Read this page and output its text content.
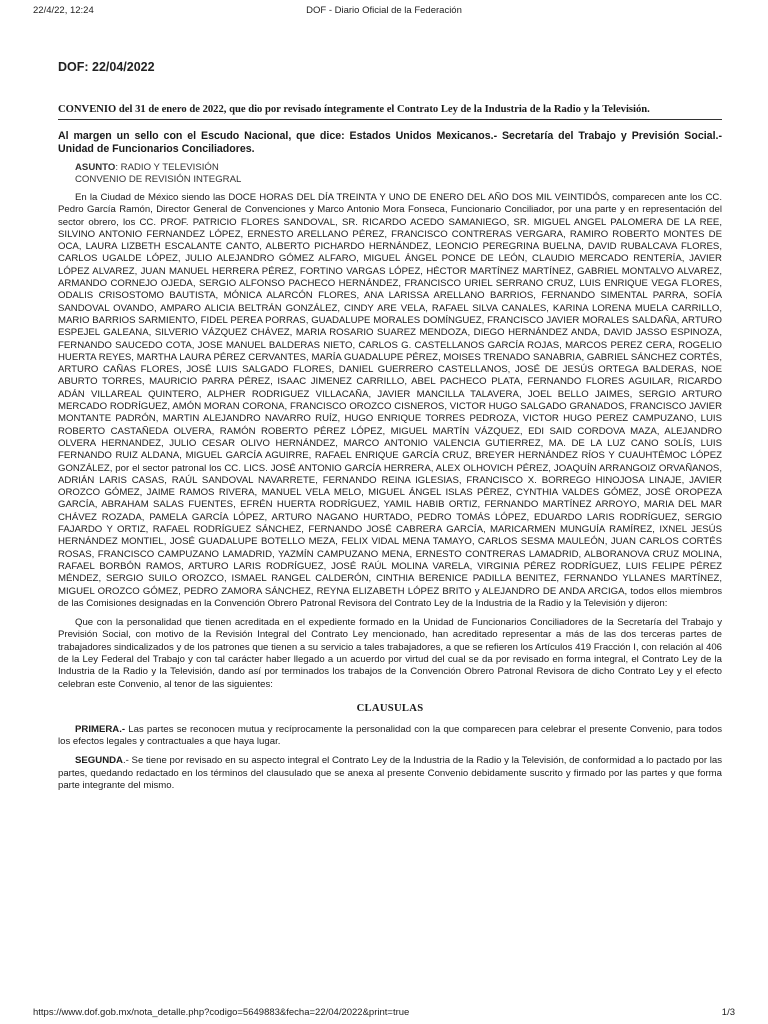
22/4/22, 12:24	DOF - Diario Oficial de la Federación
DOF: 22/04/2022
CONVENIO del 31 de enero de 2022, que dio por revisado íntegramente el Contrato Ley de la Industria de la Radio y la Televisión.
Al margen un sello con el Escudo Nacional, que dice: Estados Unidos Mexicanos.- Secretaría del Trabajo y Previsión Social.- Unidad de Funcionarios Conciliadores.
ASUNTO: RADIO Y TELEVISIÓN
CONVENIO DE REVISIÓN INTEGRAL

En la Ciudad de México siendo las DOCE HORAS DEL DÍA TREINTA Y UNO DE ENERO DEL AÑO DOS MIL VEINTIDÓS, comparecen ante los CC. Pedro García Ramón, Director General de Convenciones y Marco Antonio Mora Fonseca, Funcionario Conciliador, por una parte y en representación del sector obrero, los CC. PROF. PATRICIO FLORES SANDOVAL, SR. RICARDO ACEDO SAMANIEGO, SR. MIGUEL ANGEL PALOMERA DE LA REE, SILVINO ANTONIO FERNANDEZ LÓPEZ, ERNESTO ARELLANO PÉREZ, FRANCISCO CONTRERAS VERGARA, RAMIRO ROBERTO MONTES DE OCA, LAURA LIZBETH ESCALANTE CANTO, ALBERTO PICHARDO HERNÁNDEZ, LEONCIO PEREGRINA BUELNA, DAVID RUBALCAVA FLORES, CARLOS UGALDE LÓPEZ, JULIO ALEJANDRO GÓMEZ ALFARO, MIGUEL ÁNGEL PONCE DE LEÓN, CLAUDIO MERCADO RENTERÍA, JAVIER LÓPEZ ALVAREZ, JUAN MANUEL HERRERA PÉREZ, FORTINO VARGAS LÓPEZ, HÉCTOR MARTÍNEZ MARTÍNEZ, GABRIEL MONTALVO ALVAREZ, ARMANDO CORNEJO OJEDA, SERGIO ALFONSO PACHECO HERNÁNDEZ, FRANCISCO URIEL SERRANO CRUZ, LUIS ENRIQUE VEGA FLORES, ODALIS CRISOSTOMO BAUTISTA, MÓNICA ALARCÓN FLORES, ANA LARISSA ARELLANO BARRIOS, FERNANDO SIMENTAL PARRA, SOFÍA SANDOVAL OVANDO, AMPARO ALICIA BELTRÁN GONZÁLEZ, CINDY ARE VELA, RAFAEL SILVA CANALES, KARINA LORENA MUELA CARRILLO, MARIO BARRIOS SARMIENTO, FIDEL PEREA PORRAS, GUADALUPE MORALES DOMÍNGUEZ, FRANCISCO JAVIER MORALES SALDAÑA, ARTURO ESPEJEL GALEANA, SILVERIO VÁZQUEZ CHÁVEZ, MARIA ROSARIO SUAREZ MENDOZA, DIEGO HERNÁNDEZ ANDA, DAVID JASSO ESPINOZA, FERNANDO SAUCEDO COTA, JOSE MANUEL BALDERAS NIETO, CARLOS G. CASTELLANOS GARCÍA ROJAS, MARCOS PEREZ CERA, ROGELIO HUERTA REYES, MARTHA LAURA PÉREZ CERVANTES, MARÍA GUADALUPE PÉREZ, MOISES TRENADO SANABRIA, GABRIEL SÁNCHEZ CORTÉS, ARTURO CAÑAS FLORES, JOSÉ LUIS SALGADO FLORES, DANIEL GUERRERO CASTELLANOS, JOSÉ DE JESÚS ORTEGA BALDERAS, NOE ABURTO TORRES, MAURICIO PARRA PÉREZ, ISAAC JIMENEZ CARRILLO, ABEL PACHECO PLATA, FERNANDO FLORES AGUILAR, RICARDO ADÁN VILLAREAL QUINTERO, ALPHER RODRIGUEZ VILLACAÑA, JAVIER MANCILLA TALAVERA, JOEL BELLO JAIMES, SERGIO ARTURO MERCADO RODRÍGUEZ, AMÓN MORAN CORONA, FRANCISCO OROZCO CISNEROS, VICTOR HUGO SALGADO GRANADOS, FRANCISCO JAVIER MONTANTE PADRÓN, MARTIN ALEJANDRO NAVARRO RUÍZ, HUGO ENRIQUE TORRES PEDROZA, VICTOR HUGO PEREZ CAMPUZANO, LUIS ROBERTO CASTAÑEDA OLVERA, RAMÓN ROBERTO PÉREZ LÓPEZ, MIGUEL MARTÍN VÁZQUEZ, EDI SAID CORDOVA MAZA, ALEJANDRO OLVERA HERNANDEZ, JULIO CESAR OLIVO HERNÁNDEZ, MARCO ANTONIO VALENCIA GUTIERREZ, MA. DE LA LUZ CANO SOLÍS, LUIS FERNANDO RUIZ ALDANA, MIGUEL GARCÍA AGUIRRE, RAFAEL ENRIQUE GARCÍA CRUZ, BREYER HERNÁNDEZ RÍOS Y CUAUHTÉMOC LÓPEZ GONZÁLEZ, por el sector patronal los CC. LICS. JOSÉ ANTONIO GARCÍA HERRERA, ALEX OLHOVICH PÉREZ, JOAQUÍN ARRANGOIZ ORVAÑANOS, ADRIÁN LARIS CASAS, RAÚL SANDOVAL NAVARRETE, FERNANDO REINA IGLESIAS, FRANCISCO X. BORREGO HINOJOSA LINAJE, JAVIER OROZCO GÓMEZ, JAIME RAMOS RIVERA, MANUEL VELA MELO, MIGUEL ÁNGEL ISLAS PÉREZ, CYNTHIA VALDES GÓMEZ, JOSÉ OROPEZA GARCÍA, ABRAHAM SALAS FUENTES, EFRÉN HUERTA RODRÍGUEZ, YAMIL HABIB ORTIZ, FERNANDO MARTÍNEZ ARROYO, MARIA DEL MAR CHÁVEZ ROZADA, PAMELA GARCÍA LÓPEZ, ARTURO NAGANO HURTADO, PEDRO TOMÁS LÓPEZ, EDUARDO LARIS RODRÍGUEZ, SERGIO FAJARDO Y ORTIZ, RAFAEL RODRÍGUEZ SÁNCHEZ, FERNANDO JOSÉ CABRERA GARCÍA, MARICARMEN MUNGUÍA RAMÍREZ, IXNEL JESÚS HERNÁNDEZ MONTIEL, JOSÉ GUADALUPE BOTELLO MEZA, FELIX VIDAL MENA TAMAYO, CARLOS SESMA MAULEÓN, JUAN CARLOS CORTÉS ROSAS, FRANCISCO CAMPUZANO LAMADRID, YAZMÍN CAMPUZANO MENA, ERNESTO CONTRERAS LAMADRID, ALBORANOVA CRUZ MOLINA, RAFAEL BORBÓN RAMOS, ARTURO LARIS RODRÍGUEZ, JOSÉ RAÚL MOLINA VARELA, VIRGINIA PÉREZ RODRÍGUEZ, LUIS FELIPE PÉREZ MÉNDEZ, SERGIO SUILO OROZCO, ISMAEL RANGEL CALDERÓN, CINTHIA BERENICE PADILLA BENITEZ, FERNANDO YLLANES MARTÍNEZ, MIGUEL OROZCO GÓMEZ, PEDRO ZAMORA SÁNCHEZ, REYNA ELIZABETH LÓPEZ BRITO y ALEJANDRO DE ANDA ARCIGA, todos ellos miembros de las Comisiones designadas en la Convención Obrero Patronal Revisora del Contrato Ley de la Industria de la Radio y la Televisión y dijeron:

Que con la personalidad que tienen acreditada en el expediente formado en la Unidad de Funcionarios Conciliadores de la Secretaría del Trabajo y Previsión Social, con motivo de la Revisión Integral del Contrato Ley mencionado, han acreditado representar a más de las dos terceras partes de trabajadores sindicalizados y de los patrones que tienen a su servicio a tales trabajadores, a que se refieren los Artículos 419 Fracción I, con relación al 406 de la Ley Federal del Trabajo y con tal carácter haber llegado a un acuerdo por virtud del cual se da por revisado en forma integral, el Contrato Ley de la Industria de la Radio y la Televisión, dando así por terminados los trabajos de la Convención Obrero Patronal Revisora de dicho Contrato Ley y el efecto celebran este Convenio, al tenor de las siguientes:

CLAUSULAS

PRIMERA.- Las partes se reconocen mutua y recíprocamente la personalidad con la que comparecen para celebrar el presente Convenio, para todos los efectos legales y contractuales a que haya lugar.

SEGUNDA.- Se tiene por revisado en su aspecto integral el Contrato Ley de la Industria de la Radio y la Televisión, de conformidad a lo pactado por las partes, quedando redactado en los términos del clausulado que se anexa al presente Convenio debidamente suscrito y firmado por las partes y que forma parte integrante del mismo.

https://www.dof.gob.mx/nota_detalle.php?codigo=5649883&fecha=22/04/2022&print=true	1/3
